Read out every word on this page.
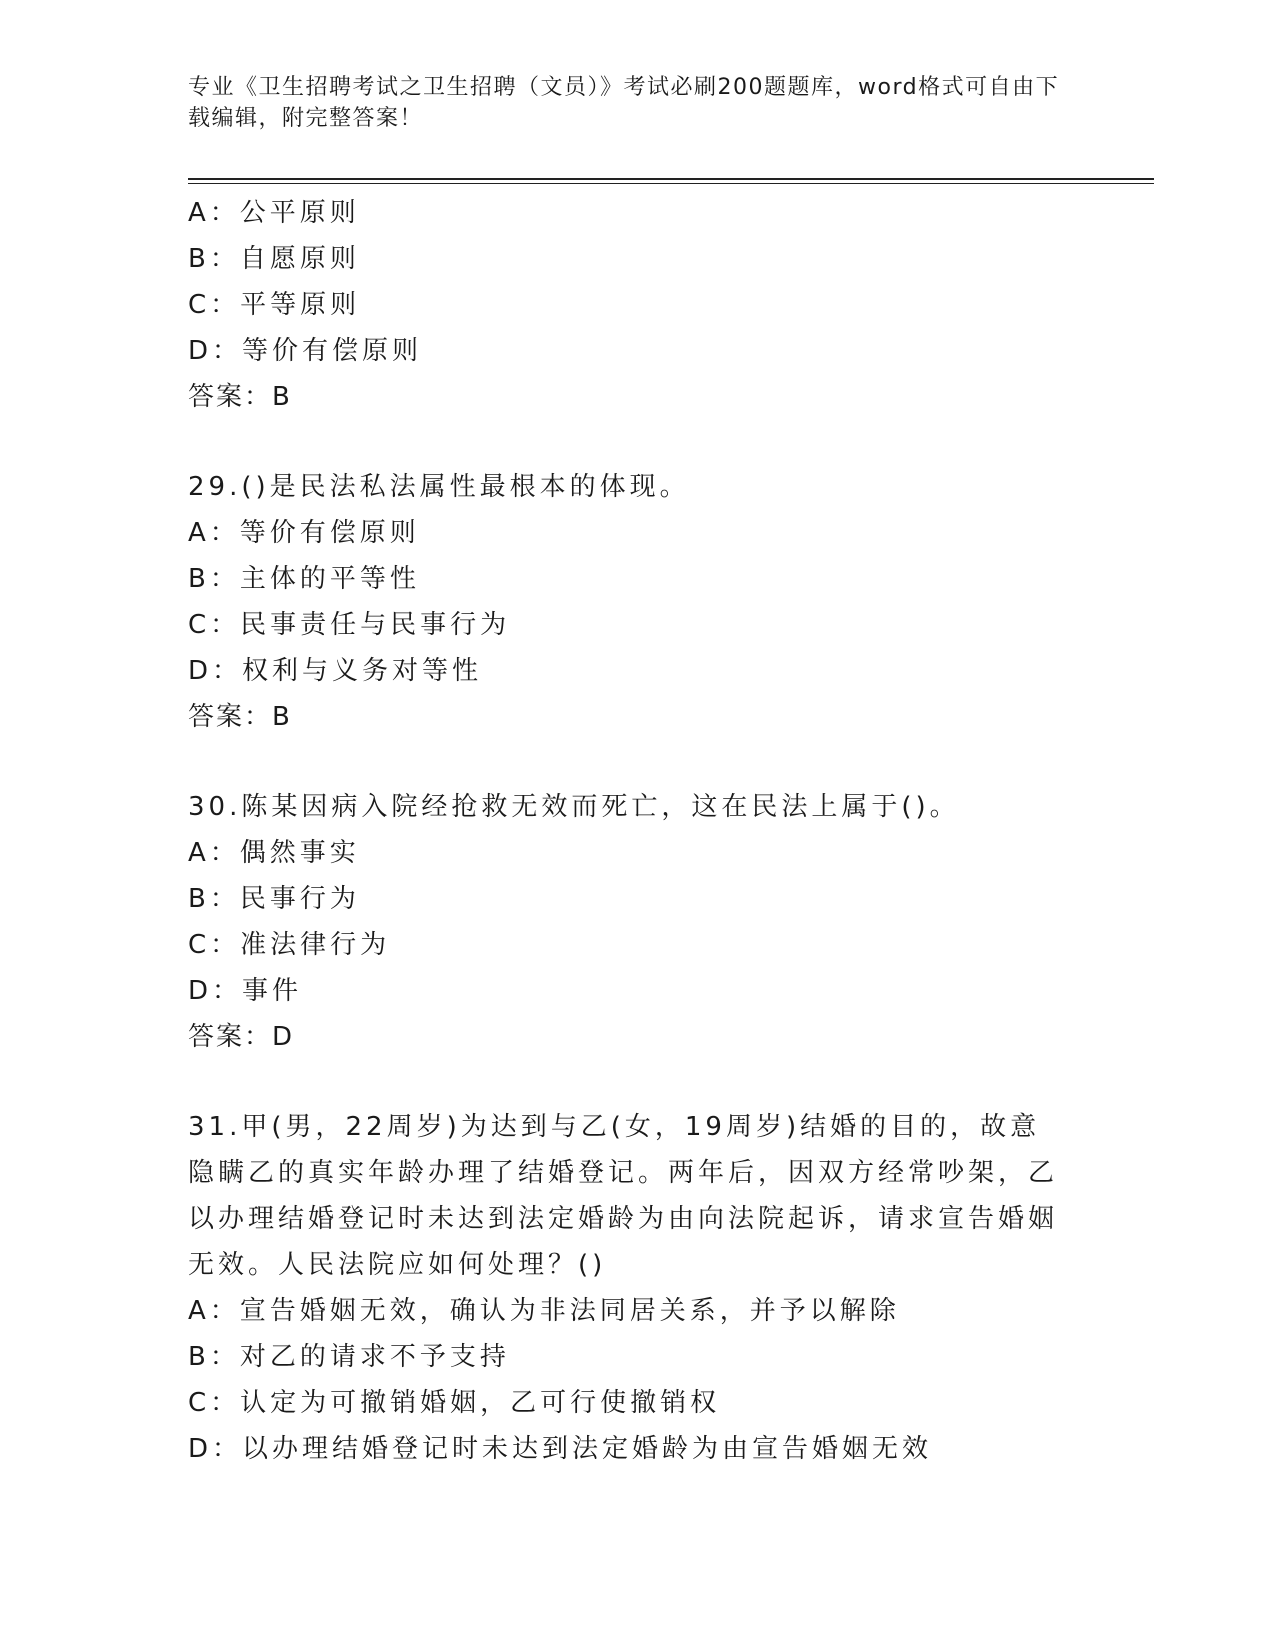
专业《卫生招聘考试之卫生招聘（文员）》考试必刷200题题库，word格式可自由下载编辑，附完整答案！
A：公平原则
B：自愿原则
C：平等原则
D：等价有偿原则
答案：B
29.()是民法私法属性最根本的体现。
A：等价有偿原则
B：主体的平等性
C：民事责任与民事行为
D：权利与义务对等性
答案：B
30.陈某因病入院经抢救无效而死亡，这在民法上属于()。
A：偶然事实
B：民事行为
C：准法律行为
D：事件
答案：D
31.甲(男，22周岁)为达到与乙(女，19周岁)结婚的目的，故意隐瞒乙的真实年龄办理了结婚登记。两年后，因双方经常吵架，乙以办理结婚登记时未达到法定婚龄为由向法院起诉，请求宣告婚姻无效。人民法院应如何处理？()
A：宣告婚姻无效，确认为非法同居关系，并予以解除
B：对乙的请求不予支持
C：认定为可撤销婚姻，乙可行使撤销权
D：以办理结婚登记时未达到法定婚龄为由宣告婚姻无效
